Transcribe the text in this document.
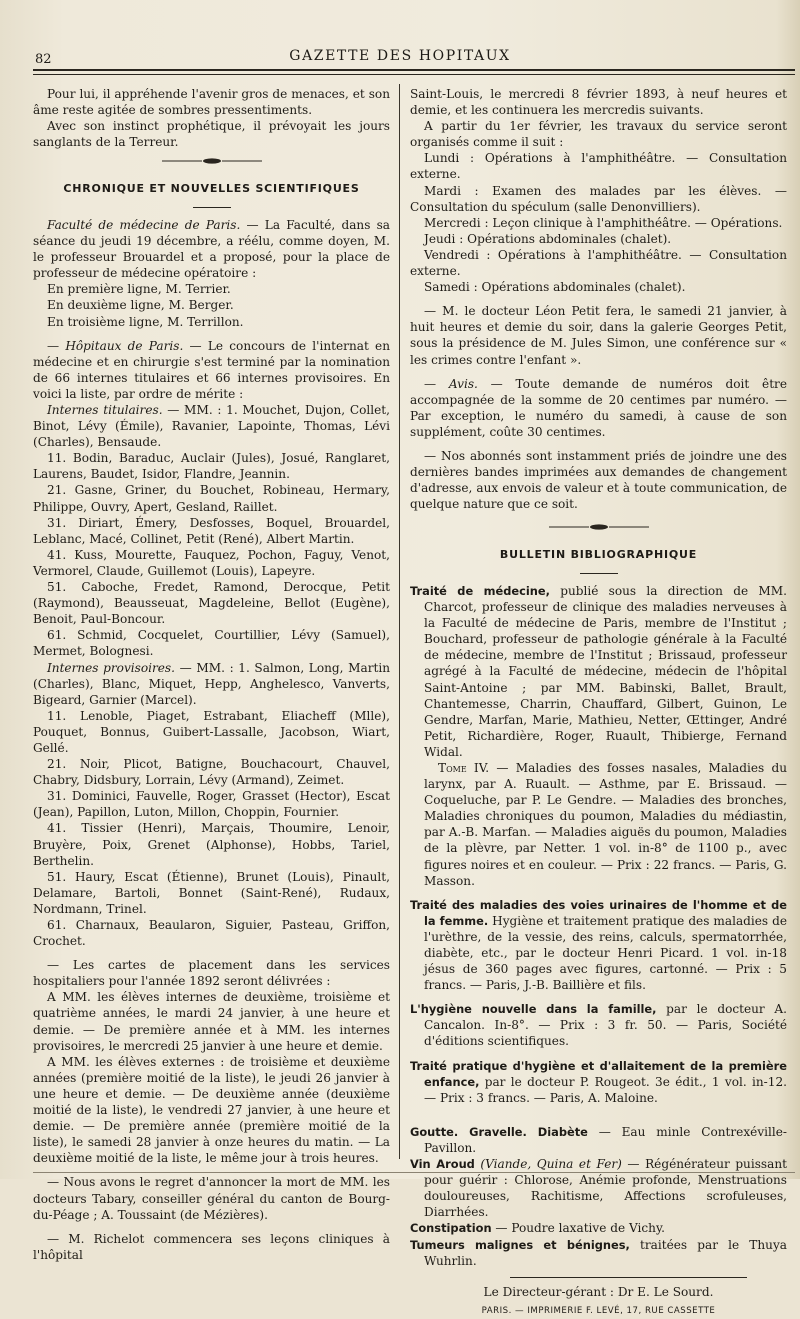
82	GAZETTE DES HOPITAUX

Pour lui, il appréhende l'avenir gros de menaces, et son âme reste agitée de sombres pressentiments.

Avec son instinct prophétique, il prévoyait les jours sanglants de la Terreur.

CHRONIQUE ET NOUVELLES SCIENTIFIQUES

Faculté de médecine de Paris. — La Faculté, dans sa séance du jeudi 19 décembre, a réélu, comme doyen, M. le professeur Brouardel et a proposé, pour la place de professeur de médecine opératoire :

En première ligne, M. Terrier.

En deuxième ligne, M. Berger.

En troisième ligne, M. Terrillon.

— Hôpitaux de Paris. — Le concours de l'internat en médecine et en chirurgie s'est terminé par la nomination de 66 internes titulaires et 66 internes provisoires. En voici la liste, par ordre de mérite :

Internes titulaires. — MM. : 1. Mouchet, Dujon, Collet, Binot, Lévy (Émile), Ravanier, Lapointe, Thomas, Lévi (Charles), Bensaude.

11. Bodin, Baraduc, Auclair (Jules), Josué, Ranglaret, Laurens, Baudet, Isidor, Flandre, Jeannin.

21. Gasne, Griner, du Bouchet, Robineau, Hermary, Philippe, Ouvry, Apert, Gesland, Raillet.

31. Diriart, Émery, Desfosses, Boquel, Brouardel, Leblanc, Macé, Collinet, Petit (René), Albert Martin.

41. Kuss, Mourette, Fauquez, Pochon, Faguy, Venot, Vermorel, Claude, Guillemot (Louis), Lapeyre.

51. Caboche, Fredet, Ramond, Derocque, Petit (Raymond), Beausseuat, Magdeleine, Bellot (Eugène), Benoit, Paul-Boncour.

61. Schmid, Cocquelet, Courtillier, Lévy (Samuel), Mermet, Bolognesi.

Internes provisoires. — MM. : 1. Salmon, Long, Martin (Charles), Blanc, Miquet, Hepp, Anghelesco, Vanverts, Bigeard, Garnier (Marcel).

11. Lenoble, Piaget, Estrabant, Eliacheff (Mlle), Pouquet, Bonnus, Guibert-Lassalle, Jacobson, Wiart, Gellé.

21. Noir, Plicot, Batigne, Bouchacourt, Chauvel, Chabry, Didsbury, Lorrain, Lévy (Armand), Zeimet.

31. Dominici, Fauvelle, Roger, Grasset (Hector), Escat (Jean), Papillon, Luton, Millon, Choppin, Fournier.

41. Tissier (Henri), Marçais, Thoumire, Lenoir, Bruyère, Poix, Grenet (Alphonse), Hobbs, Tariel, Berthelin.

51. Haury, Escat (Étienne), Brunet (Louis), Pinault, Delamare, Bartoli, Bonnet (Saint-René), Rudaux, Nordmann, Trinel.

61. Charnaux, Beaularon, Siguier, Pasteau, Griffon, Crochet.

— Les cartes de placement dans les services hospitaliers pour l'année 1892 seront délivrées :

A MM. les élèves internes de deuxième, troisième et quatrième années, le mardi 24 janvier, à une heure et demie. — De première année et à MM. les internes provisoires, le mercredi 25 janvier à une heure et demie.

A MM. les élèves externes : de troisième et deuxième années (première moitié de la liste), le jeudi 26 janvier à une heure et demie. — De deuxième année (deuxième moitié de la liste), le vendredi 27 janvier, à une heure et demie. — De première année (première moitié de la liste), le samedi 28 janvier à onze heures du matin. — La deuxième moitié de la liste, le même jour à trois heures.

— Nous avons le regret d'annoncer la mort de MM. les docteurs Tabary, conseiller général du canton de Bourg-du-Péage ; A. Toussaint (de Mézières).

— M. Richelot commencera ses leçons cliniques à l'hôpital

Saint-Louis, le mercredi 8 février 1893, à neuf heures et demie, et les continuera les mercredis suivants.

A partir du 1er février, les travaux du service seront organisés comme il suit :

Lundi : Opérations à l'amphithéâtre. — Consultation externe.

Mardi : Examen des malades par les élèves. — Consultation du spéculum (salle Denonvilliers).

Mercredi : Leçon clinique à l'amphithéâtre. — Opérations.

Jeudi : Opérations abdominales (chalet).

Vendredi : Opérations à l'amphithéâtre. — Consultation externe.

Samedi : Opérations abdominales (chalet).

— M. le docteur Léon Petit fera, le samedi 21 janvier, à huit heures et demie du soir, dans la galerie Georges Petit, sous la présidence de M. Jules Simon, une conférence sur « les crimes contre l'enfant ».

— Avis. — Toute demande de numéros doit être accompagnée de la somme de 20 centimes par numéro. — Par exception, le numéro du samedi, à cause de son supplément, coûte 30 centimes.

— Nos abonnés sont instamment priés de joindre une des dernières bandes imprimées aux demandes de changement d'adresse, aux envois de valeur et à toute communication, de quelque nature que ce soit.

BULLETIN BIBLIOGRAPHIQUE

Traité de médecine, publié sous la direction de MM. Charcot, professeur de clinique des maladies nerveuses à la Faculté de médecine de Paris, membre de l'Institut ; Bouchard, professeur de pathologie générale à la Faculté de médecine, membre de l'Institut ; Brissaud, professeur agrégé à la Faculté de médecine, médecin de l'hôpital Saint-Antoine ; par MM. Babinski, Ballet, Brault, Chantemesse, Charrin, Chauffard, Gilbert, Guinon, Le Gendre, Marfan, Marie, Mathieu, Netter, Œttinger, André Petit, Richardière, Roger, Ruault, Thibierge, Fernand Widal.

Tome IV. — Maladies des fosses nasales, Maladies du larynx, par A. Ruault. — Asthme, par E. Brissaud. — Coqueluche, par P. Le Gendre. — Maladies des bronches, Maladies chroniques du poumon, Maladies du médiastin, par A.-B. Marfan. — Maladies aiguës du poumon, Maladies de la plèvre, par Netter. 1 vol. in-8° de 1100 p., avec figures noires et en couleur. — Prix : 22 francs. — Paris, G. Masson.

Traité des maladies des voies urinaires de l'homme et de la femme. Hygiène et traitement pratique des maladies de l'urèthre, de la vessie, des reins, calculs, spermatorrhée, diabète, etc., par le docteur Henri Picard. 1 vol. in-18 jésus de 360 pages avec figures, cartonné. — Prix : 5 francs. — Paris, J.-B. Baillière et fils.

L'hygiène nouvelle dans la famille, par le docteur A. Cancalon. In-8°. — Prix : 3 fr. 50. — Paris, Société d'éditions scientifiques.

Traité pratique d'hygiène et d'allaitement de la première enfance, par le docteur P. Rougeot. 3e édit., 1 vol. in-12. — Prix : 3 francs. — Paris, A. Maloine.

Goutte. Gravelle. Diabète — Eau minle Contrexéville-Pavillon.

Vin Aroud (Viande, Quina et Fer) — Régénérateur puissant pour guérir : Chlorose, Anémie profonde, Menstruations douloureuses, Rachitisme, Affections scrofuleuses, Diarrhées.

Constipation — Poudre laxative de Vichy.

Tumeurs malignes et bénignes, traitées par le Thuya Wuhrlin.

Le Directeur-gérant : Dr E. Le Sourd.

PARIS. — IMPRIMERIE F. LEVÉ, 17, RUE CASSETTE
